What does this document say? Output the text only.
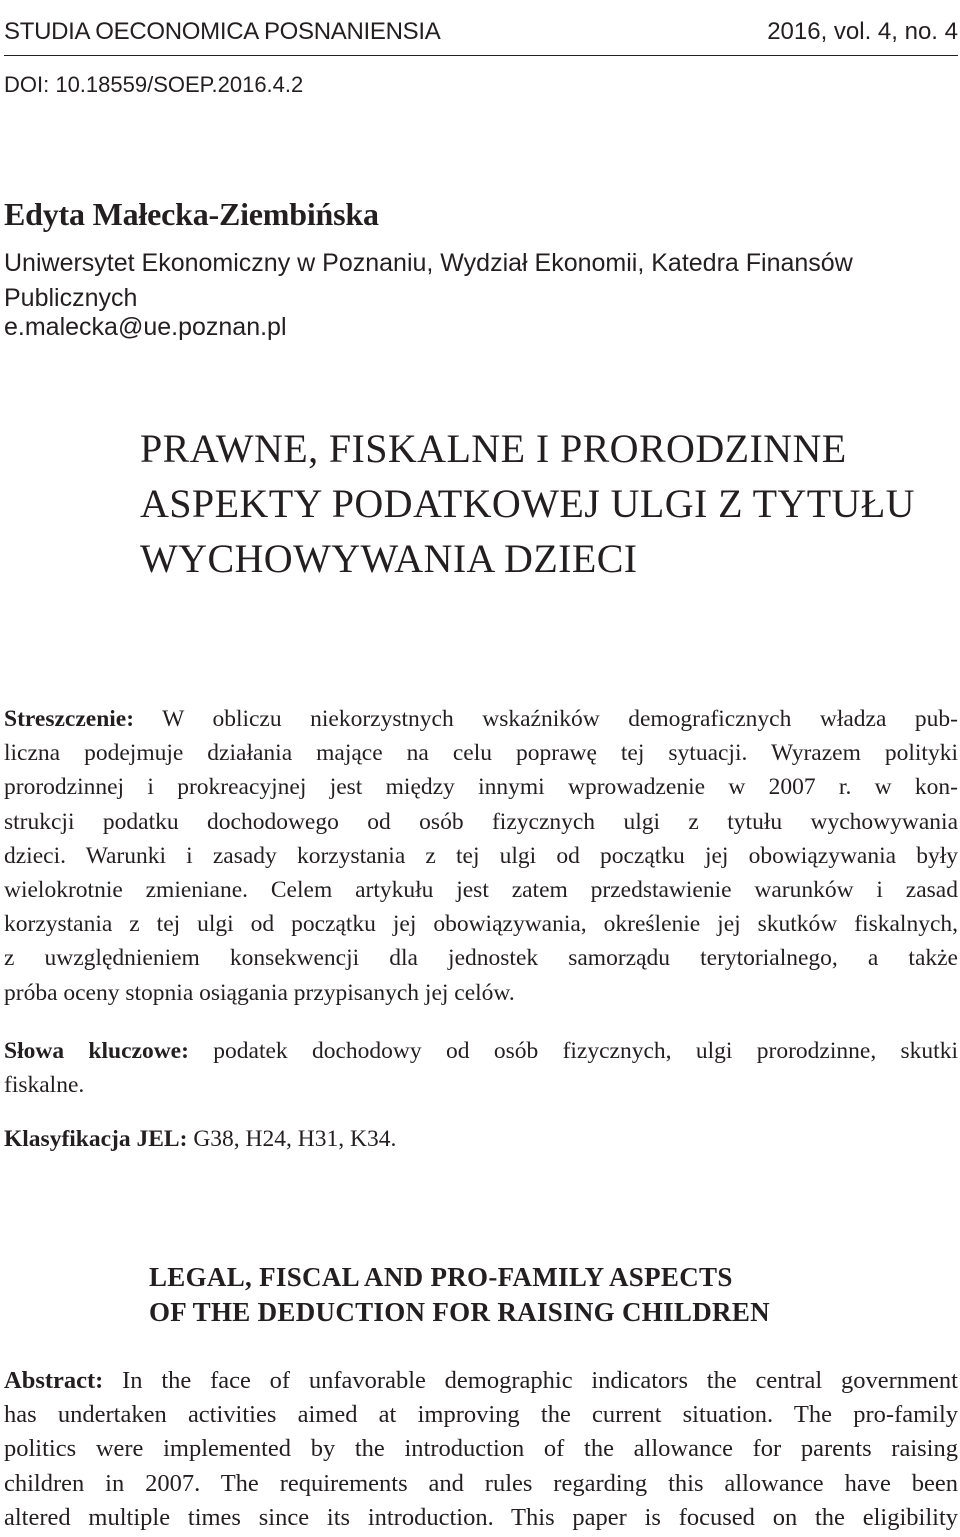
STUDIA OECONOMICA POSNANIENSIA	2016, vol. 4, no. 4
DOI: 10.18559/SOEP.2016.4.2
Edyta Małecka-Ziembińska
Uniwersytet Ekonomiczny w Poznaniu, Wydział Ekonomii, Katedra Finansów Publicznych
e.malecka@ue.poznan.pl
PRAWNE, FISKALNE I PRORODZINNE
ASPEKTY PODATKOWEJ ULGI Z TYTUŁU
WYCHOWYWANIA DZIECI
Streszczenie: W obliczu niekorzystnych wskaźników demograficznych władza pub-
liczna podejmuje działania mające na celu poprawę tej sytuacji. Wyrazem polityki
prorodzinnej i prokreacyjnej jest między innymi wprowadzenie w 2007 r. w kon-
strukcji podatku dochodowego od osób fizycznych ulgi z tytułu wychowywania
dzieci. Warunki i zasady korzystania z tej ulgi od początku jej obowiązywania były
wielokrotnie zmieniane. Celem artykułu jest zatem przedstawienie warunków i zasad
korzystania z tej ulgi od początku jej obowiązywania, określenie jej skutków fiskalnych,
z uwzględnieniem konsekwencji dla jednostek samorządu terytorialnego, a także
próba oceny stopnia osiągania przypisanych jej celów.
Słowa kluczowe: podatek dochodowy od osób fizycznych, ulgi prorodzinne, skutki
fiskalne.
Klasyfikacja JEL: G38, H24, H31, K34.
LEGAL, FISCAL AND PRO-FAMILY ASPECTS
OF THE DEDUCTION FOR RAISING CHILDREN
Abstract: In the face of unfavorable demographic indicators the central government
has undertaken activities aimed at improving the current situation. The pro-family
politics were implemented by the introduction of the allowance for parents raising
children in 2007. The requirements and rules regarding this allowance have been
altered multiple times since its introduction. This paper is focused on the eligibility
